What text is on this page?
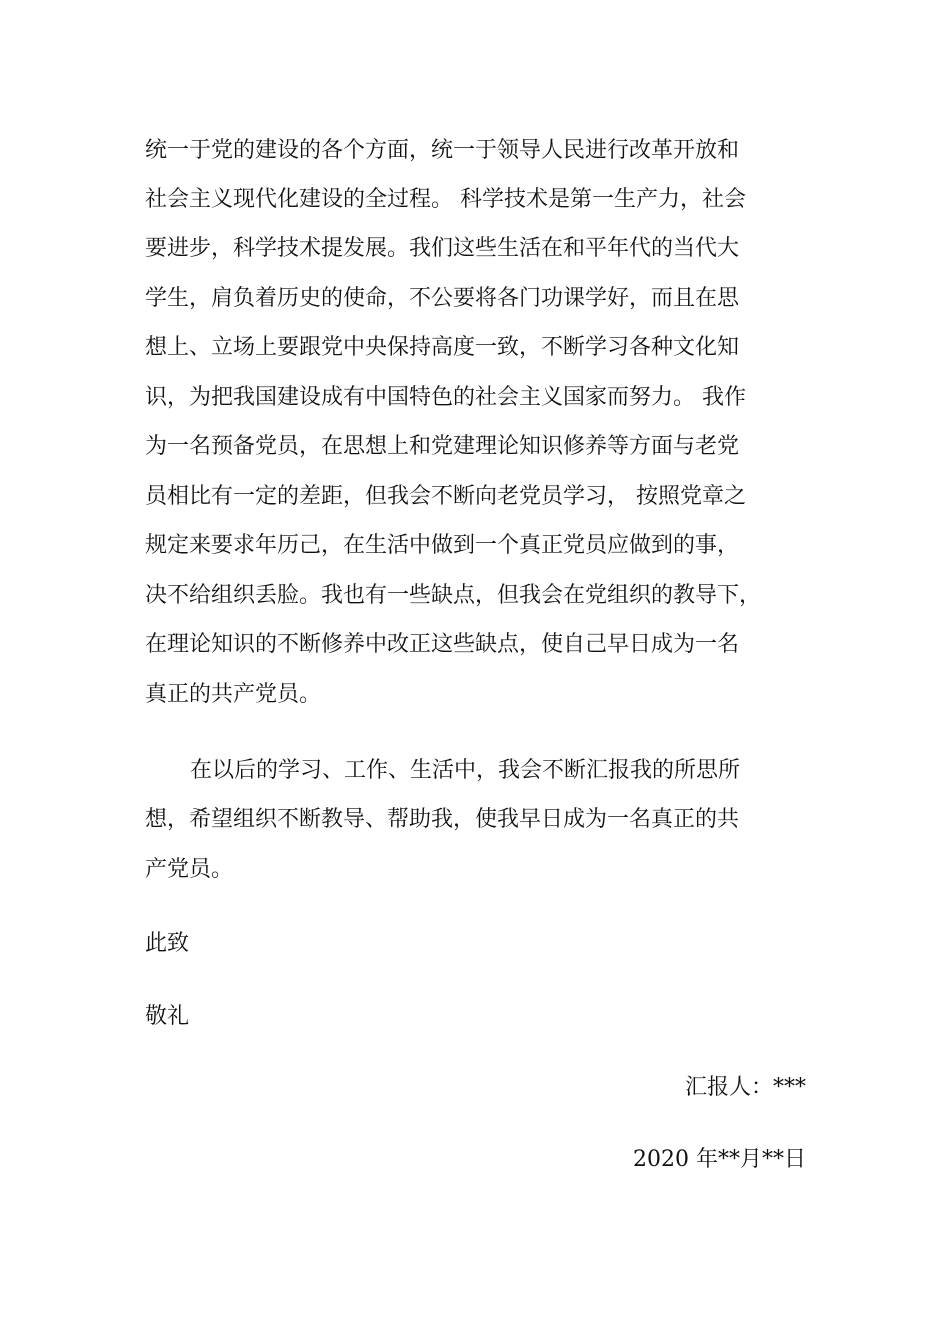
统一于党的建设的各个方面，统一于领导人民进行改革开放和
社会主义现代化建设的全过程。 科学技术是第一生产力，社会
要进步，科学技术提发展。我们这些生活在和平年代的当代大
学生，肩负着历史的使命，不公要将各门功课学好，而且在思
想上、立场上要跟党中央保持高度一致，不断学习各种文化知
识，为把我国建设成有中国特色的社会主义国家而努力。 我作
为一名预备党员，在思想上和党建理论知识修养等方面与老党
员相比有一定的差距，但我会不断向老党员学习， 按照党章之
规定来要求年历己，在生活中做到一个真正党员应做到的事，
决不给组织丢脸。我也有一些缺点，但我会在党组织的教导下，
在理论知识的不断修养中改正这些缺点，使自己早日成为一名
真正的共产党员。
在以后的学习、工作、生活中，我会不断汇报我的所思所
想，希望组织不断教导、帮助我，使我早日成为一名真正的共
产党员。
此致
敬礼
汇报人：***
2020 年**月**日
